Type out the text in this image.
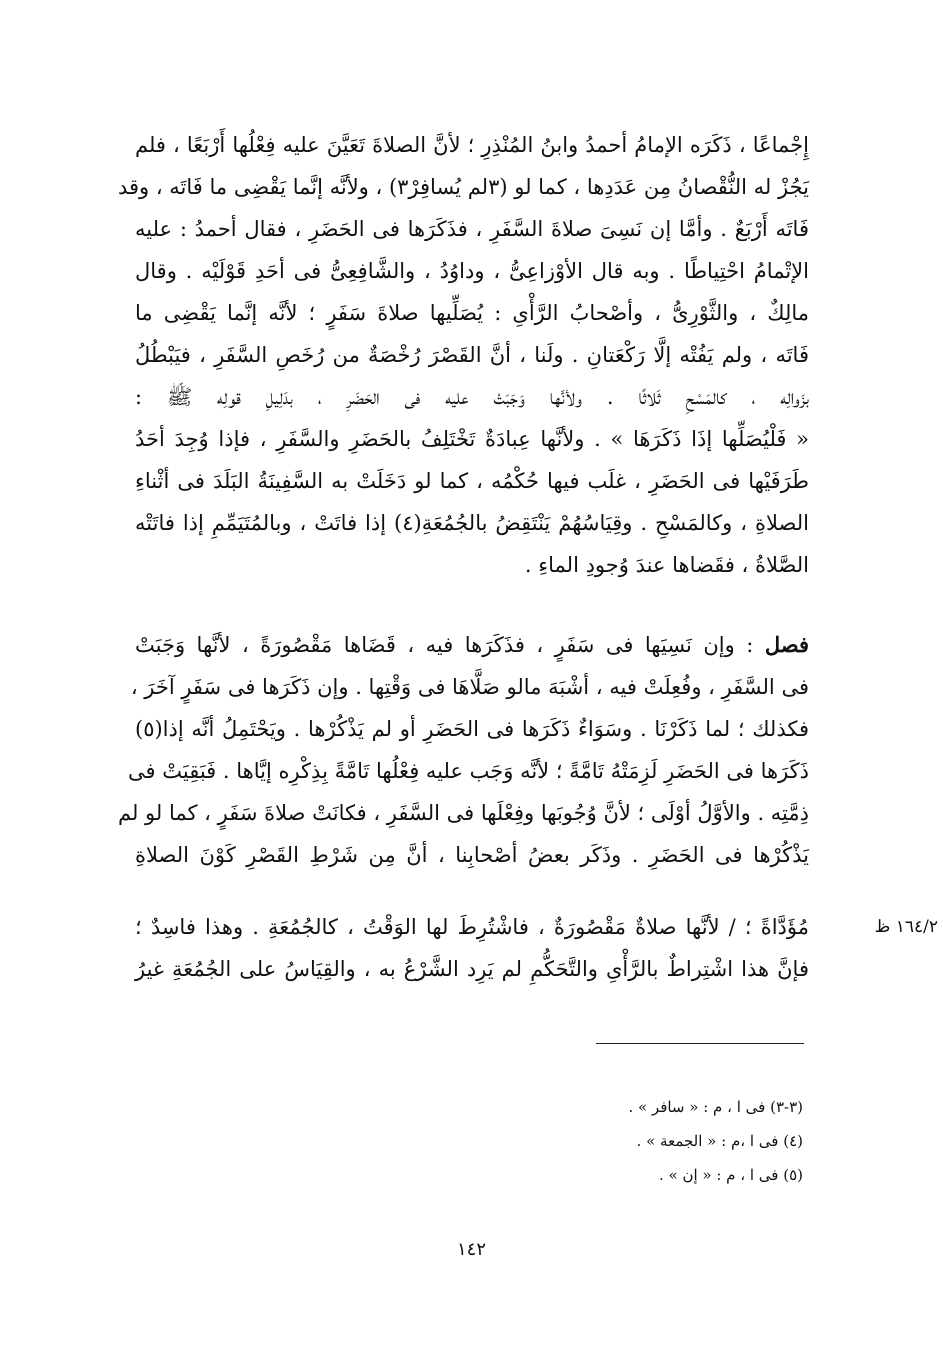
إِجْماعًا ، ذَكَرَه الإمامُ أحمدُ وابنُ المُنْذِرِ ؛ لأنَّ الصلاةَ تَعَيَّنَ عليه فِعْلُها أَرْبَعًا ، فلم
يَجُزْ له النُّقْصانُ مِن عَدَدِها ، كما لو (٣لم يُسافِرْ٣) ، ولأنَّه إنَّما يَقْضِى ما فَاتَه ، وقد
فَاتَه أَرْبَعٌ . وأمَّا إن نَسِىَ صلاةَ السَّفَرِ ، فذَكَرَها فى الحَضَرِ ، فقال أحمدُ : عليه
الإتْمامُ احْتِياطًا . وبه قال الأوْزاعِىُّ ، وداوُدُ ، والشَّافِعِىُّ فى أحَدِ قَوْلَيْه . وقال
مالِكٌ ، والثَّوْرِىُّ ، وأصْحابُ الرَّأْىِ : يُصَلِّيها صلاةَ سَفَرٍ ؛ لأنَّه إنَّما يَقْضِى ما
فَاتَه ، ولم يَفُتْه إلَّا رَكْعَتانِ . ولَنا ، أنَّ القَصْرَ رُخْصَةٌ من رُخَصِ السَّفَرِ ، فيَبْطُلُ
بزَوالِه ، كالمَسْحِ ثَلاثًا . ولأنَّها وَجَبَتْ عليه فى الحَضَرِ ، بدَلِيلِ قولِه ﷺ :
« فَلْيُصَلِّها إذَا ذَكَرَهَا » . ولأنَّها عِبادَةٌ تَخْتَلِفُ بالحَضَرِ والسَّفَرِ ، فإذا وُجِدَ أحَدُ
طَرَفَيْها فى الحَضَرِ ، غلَب فيها حُكْمُه ، كما لو دَخَلَتْ به السَّفِينَةُ البَلَدَ فى أثْناءِ
الصلاةِ ، وكالمَسْحِ . وقِيَاسُهُمْ يَنْتَقِضُ بالجُمُعَةِ(٤) إذا فاتَتْ ، وبالمُتَيَمِّمِ إذا فاتَتْه
الصَّلاةُ ، فقَضاها عندَ وُجودِ الماءِ .
فصل : وإن نَسِيَها فى سَفَرٍ ، فذَكَرَها فيه ، قَضَاها مَقْصُورَةً ، لأنَّها وَجَبَتْ
فى السَّفَرِ ، وفُعِلَتْ فيه ، أشْبَهَ مالو صَلَّاهَا فى وَقْتِها . وإن ذَكَرَها فى سَفَرٍ آخَرَ ،
فكذلك ؛ لما ذَكَرْنَا . وسَوَاءٌ ذَكَرَها فى الحَضَرِ أو لم يَذْكُرْها . ويَحْتَمِلُ أنَّه إذا(٥)
ذَكَرَها فى الحَضَرِ لَزِمَتْهُ تَامَّةً ؛ لأنَّه وَجَب عليه فِعْلُها تَامَّةً بِذِكْرِه إيَّاها . فَبَقِيَتْ فى
ذِمَّتِه . والأوَّلُ أوْلَى ؛ لأنَّ وُجُوبَها وفِعْلَها فى السَّفَرِ ، فكانَتْ صلاةَ سَفَرٍ ، كما لو لم
يَذْكُرْها فى الحَضَرِ . وذَكَر بعضُ أصْحابِنا ، أنَّ مِن شَرْطِ القَصْرِ كَوْنَ الصلاةِ
مُؤَدَّاةً ؛ / لأنَّها صلاةٌ مَقْصُورَةٌ ، فاشْتُرِطَ لها الوَقْتُ ، كالجُمُعَةِ . وهذا فاسِدٌ ؛
فإنَّ هذا اشْتِراطٌ بالرَّأْىِ والتَّحَكُّمِ لم يَرِد الشَّرْعُ به ، والقِيَاسُ على الجُمُعَةِ غيرُ
١٦٤/٢ ظ
(٣-٣) فى ا ، م : « سافر » .
(٤) فى ا ،م : « الجمعة » .
(٥) فى ا ، م : « إن » .
١٤٢
